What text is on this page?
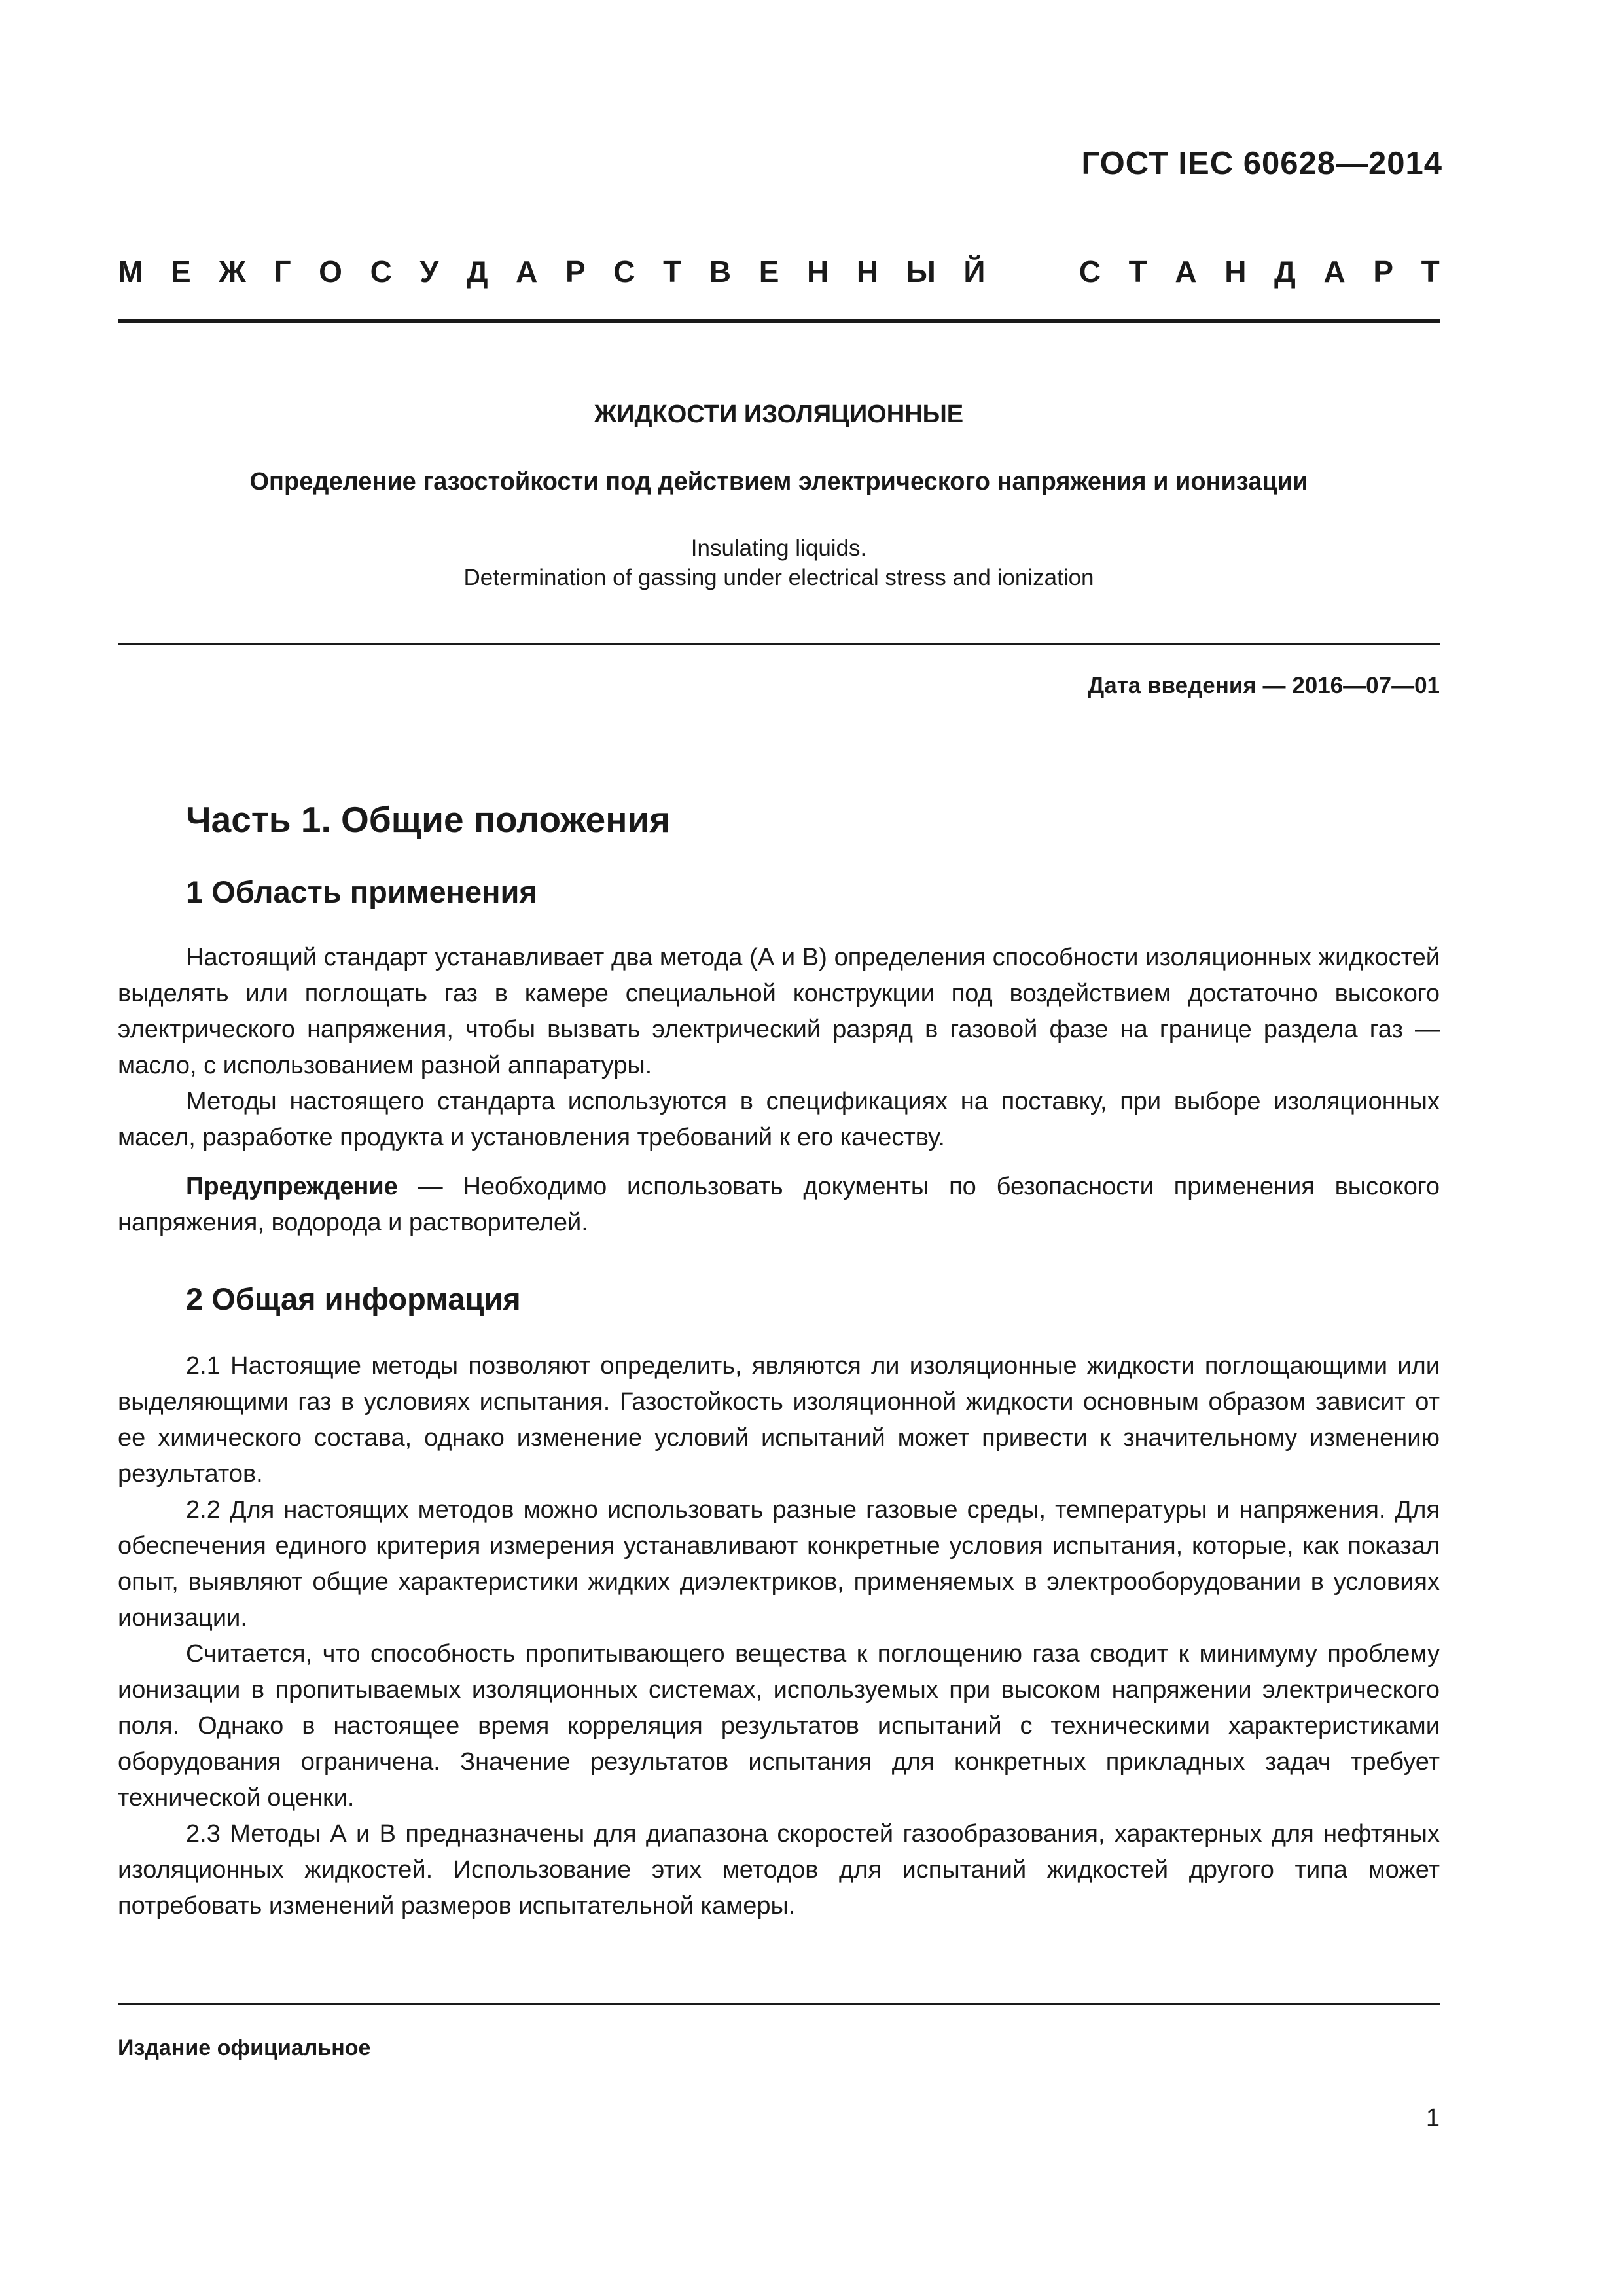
ГОСТ IEC 60628—2014
М Е Ж Г О С У Д А Р С Т В Е Н Н Ы Й	С Т А Н Д А Р Т
ЖИДКОСТИ ИЗОЛЯЦИОННЫЕ
Определение газостойкости под действием электрического напряжения и ионизации
Insulating liquids.
Determination of gassing under electrical stress and ionization
Дата введения — 2016—07—01
Часть 1. Общие положения
1 Область применения

Настоящий стандарт устанавливает два метода (А и В) определения способности изоляционных жидкостей выделять или поглощать газ в камере специальной конструкции под воздействием достаточно высокого электрического напряжения, чтобы вызвать электрический разряд в газовой фазе на границе раздела газ — масло, с использованием разной аппаратуры.

Методы настоящего стандарта используются в спецификациях на поставку, при выборе изоляционных масел, разработке продукта и установления требований к его качеству.

Предупреждение — Необходимо использовать документы по безопасности применения высокого напряжения, водорода и растворителей.

2 Общая информация

2.1 Настоящие методы позволяют определить, являются ли изоляционные жидкости поглощающими или выделяющими газ в условиях испытания. Газостойкость изоляционной жидкости основным образом зависит от ее химического состава, однако изменение условий испытаний может привести к значительному изменению результатов.

2.2 Для настоящих методов можно использовать разные газовые среды, температуры и напряжения. Для обеспечения единого критерия измерения устанавливают конкретные условия испытания, которые, как показал опыт, выявляют общие характеристики жидких диэлектриков, применяемых в электрооборудовании в условиях ионизации.

Считается, что способность пропитывающего вещества к поглощению газа сводит к минимуму проблему ионизации в пропитываемых изоляционных системах, используемых при высоком напряжении электрического поля. Однако в настоящее время корреляция результатов испытаний с техническими характеристиками оборудования ограничена. Значение результатов испытания для конкретных прикладных задач требует технической оценки.

2.3 Методы А и В предназначены для диапазона скоростей газообразования, характерных для нефтяных изоляционных жидкостей. Использование этих методов для испытаний жидкостей другого типа может потребовать изменений размеров испытательной камеры.

Издание официальное
1
